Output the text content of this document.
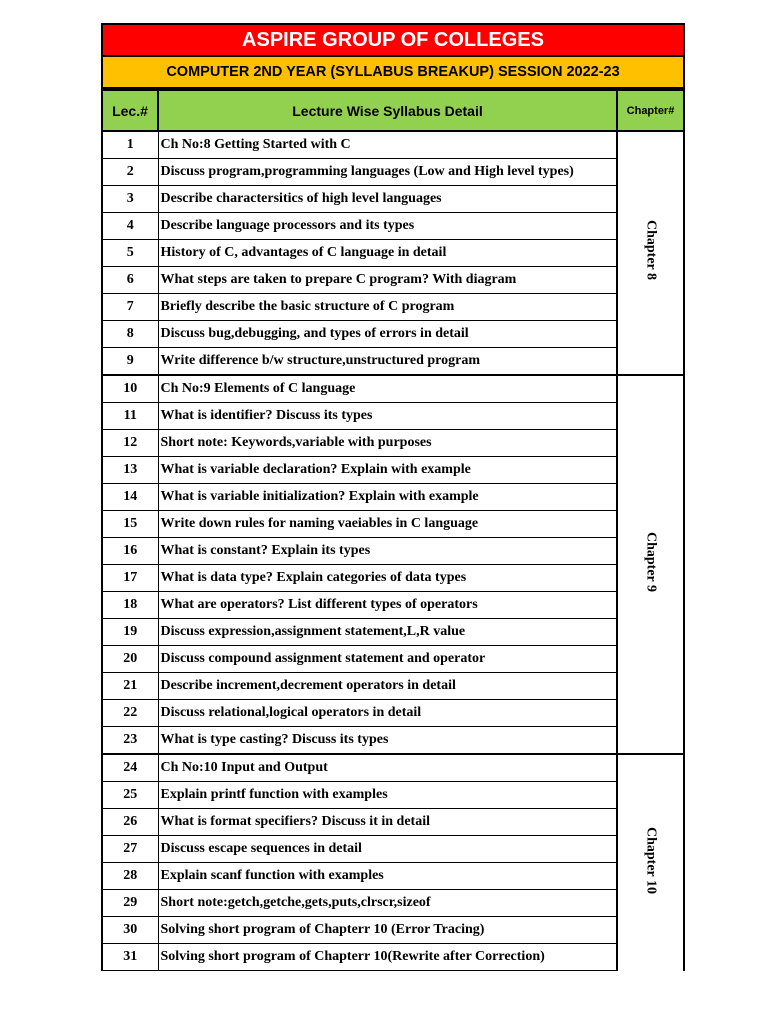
ASPIRE GROUP OF COLLEGES
COMPUTER 2ND YEAR (SYLLABUS BREAKUP) SESSION 2022-23
Lec.#	Lecture Wise Syllabus Detail	Chapter#
1	Ch No:8 Getting Started with C	Chapter 8
2	Discuss program,programming languages (Low and High level types)	
3	Describe charactersitics of high level languages	
4	Describe language processors and its types	
5	History of C, advantages of C language in detail	
6	What steps are taken to prepare C program? With diagram	
7	Briefly describe the basic structure of C program	
8	Discuss bug,debugging, and types of errors in detail	
9	Write difference b/w structure,unstructured program	
10	Ch No:9 Elements of C language	Chapter 9
11	What is identifier? Discuss its types	
12	Short note: Keywords,variable with purposes	
13	What is variable declaration? Explain with example	
14	What is variable initialization? Explain with example	
15	Write down rules for naming vaeiables in C language	
16	What is constant? Explain its types	
17	What is data type? Explain categories of data types	
18	What are operators? List different types of operators	
19	Discuss expression,assignment statement,L,R value	
20	Discuss compound assignment statement and operator	
21	Describe increment,decrement operators in detail	
22	Discuss relational,logical operators in detail	
23	What is type casting? Discuss its types	
24	Ch No:10 Input and Output	Chapter 10
25	Explain printf function with examples	
26	What is format specifiers? Discuss it in detail	
27	Discuss escape sequences in detail	
28	Explain scanf function with examples	
29	Short note:getch,getche,gets,puts,clrscr,sizeof	
30	Solving short program of Chapterr 10 (Error Tracing)	
31	Solving short program of Chapterr 10(Rewrite after Correction)	
